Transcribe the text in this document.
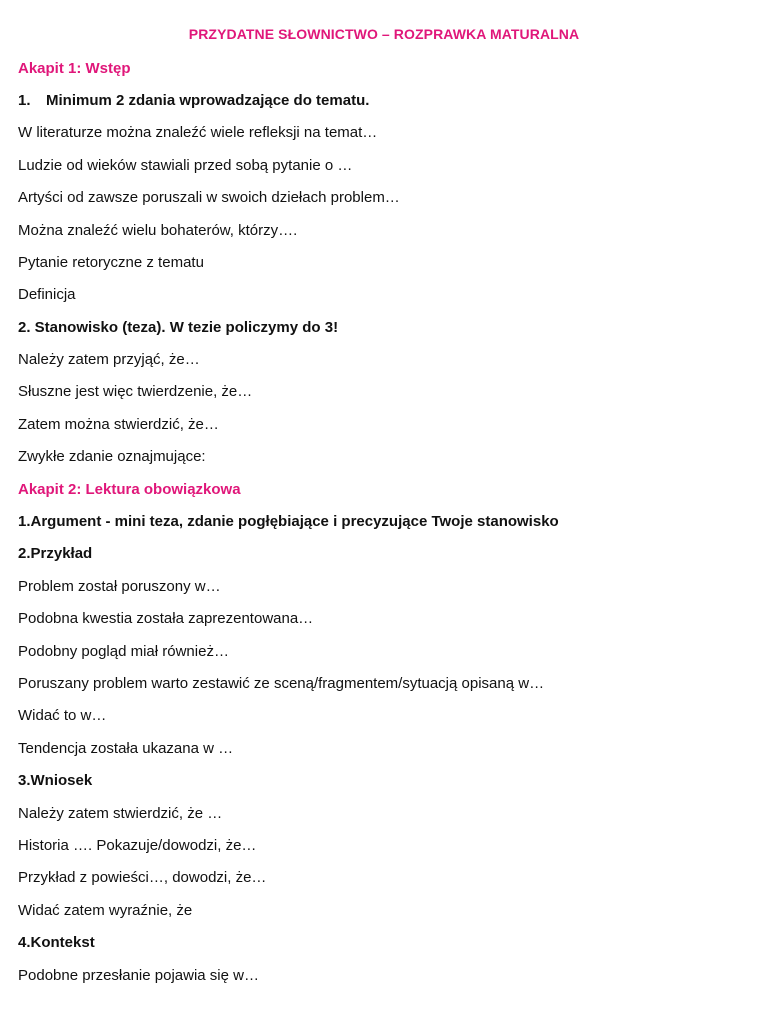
PRZYDATNE SŁOWNICTWO – ROZPRAWKA MATURALNA
Akapit 1: Wstęp
1. Minimum 2 zdania wprowadzające do tematu.
W literaturze można znaleźć wiele refleksji na temat…
Ludzie od wieków stawiali przed sobą pytanie o …
Artyści od zawsze poruszali w swoich dziełach problem…
Można znaleźć wielu bohaterów, którzy….
Pytanie retoryczne z tematu
Definicja
2. Stanowisko (teza). W tezie policzymy do 3!
Należy zatem przyjąć, że…
Słuszne jest więc twierdzenie, że…
Zatem można stwierdzić, że…
Zwykłe zdanie oznajmujące:
Akapit 2: Lektura obowiązkowa
1.Argument - mini teza, zdanie pogłębiające i precyzujące Twoje stanowisko
2.Przykład
Problem został poruszony w…
Podobna kwestia została zaprezentowana…
Podobny pogląd miał również…
Poruszany problem warto zestawić ze sceną/fragmentem/sytuacją opisaną w…
Widać to w…
Tendencja została ukazana w …
3.Wniosek
Należy zatem stwierdzić, że …
Historia …. Pokazuje/dowodzi, że…
Przykład z powieści…, dowodzi, że…
Widać zatem wyraźnie, że
4.Kontekst
Podobne przesłanie pojawia się w…
